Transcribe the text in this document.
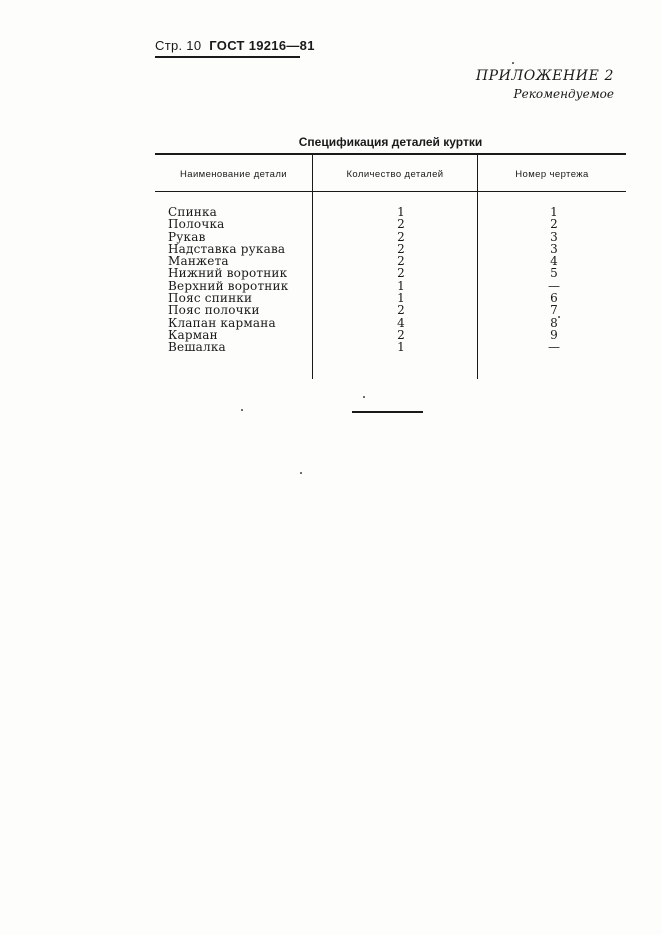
Стр. 10 ГОСТ 19216—81
ПРИЛОЖЕНИЕ 2
Рекомендуемое
Спецификация деталей куртки
Наименование детали	Количество деталей	Номер чертежа
Спинка	1	1
Полочка	2	2
Рукав	2	3
Надставка рукава	2	3
Манжета	2	4
Нижний воротник	2	5
Верхний воротник	1	—
Пояс спинки	1	6
Пояс полочки	2	7
Клапан кармана	4	8
Карман	2	9
Вешалка	1	—
